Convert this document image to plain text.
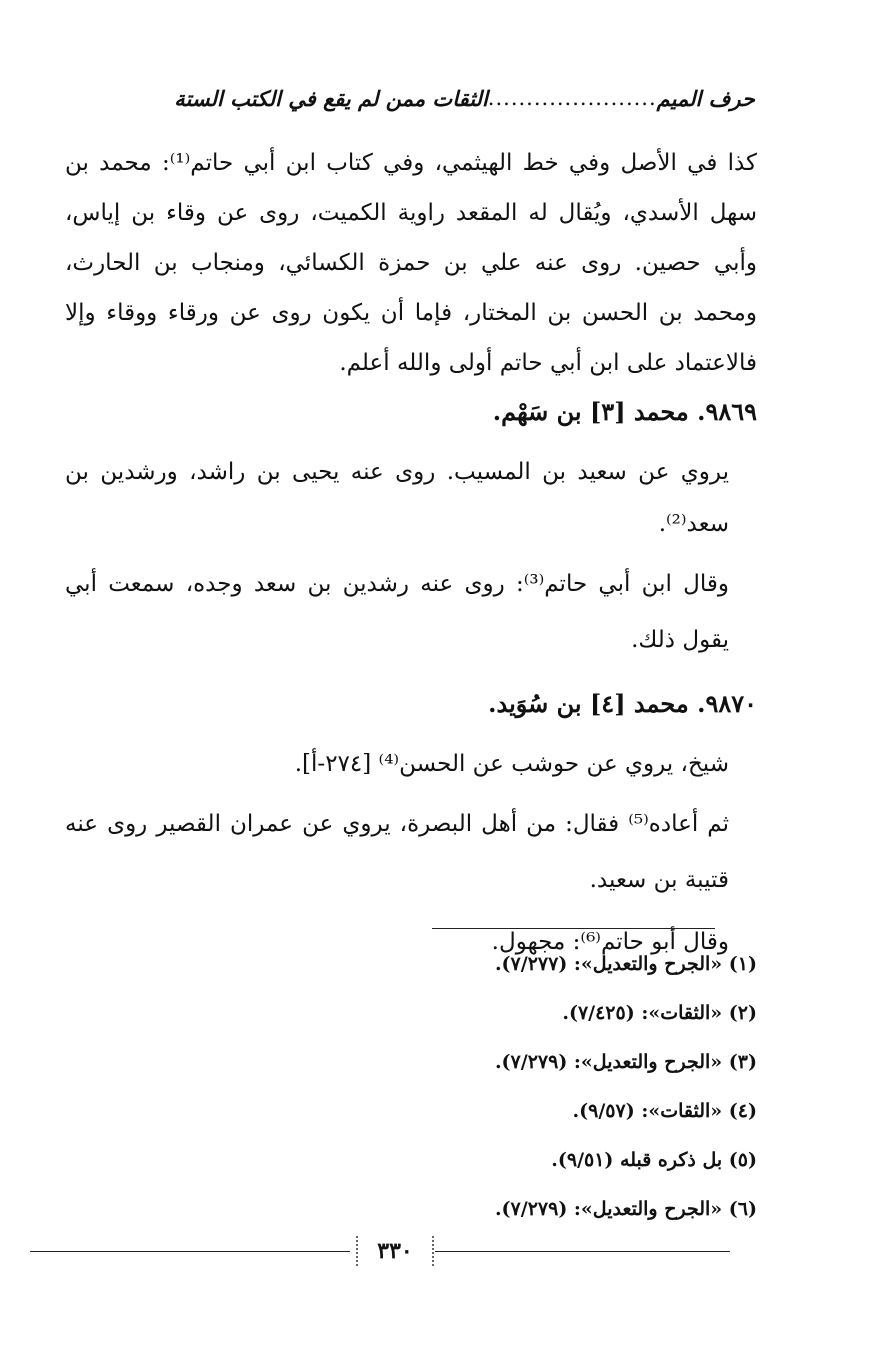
حرف الميم
......................
الثقات ممن لم يقع في الكتب الستة

كذا في الأصل وفي خط الهيثمي، وفي كتاب ابن أبي حاتم⁽¹⁾: محمد بن سهل الأسدي، ويُقال له المقعد راوية الكميت، روى عن وقاء بن إياس، وأبي حصين. روى عنه علي بن حمزة الكسائي، ومنجاب بن الحارث، ومحمد بن الحسن بن المختار، فإما أن يكون روى عن ورقاء ووقاء وإلا فالاعتماد على ابن أبي حاتم أولى والله أعلم.

٩٨٦٩. محمد [٣] بن سَهْم.

يروي عن سعيد بن المسيب. روى عنه يحيى بن راشد، ورشدين بن سعد⁽²⁾.

وقال ابن أبي حاتم⁽³⁾: روى عنه رشدين بن سعد وجده، سمعت أبي يقول ذلك.

٩٨٧٠. محمد [٤] بن سُوَيد.

شيخ، يروي عن حوشب عن الحسن⁽⁴⁾ [٢٧٤-أ].

ثم أعاده⁽⁵⁾ فقال: من أهل البصرة، يروي عن عمران القصير روى عنه قتيبة بن سعيد.

وقال أبو حاتم⁽⁶⁾: مجهول.

(١) «الجرح والتعديل»: (٧/٢٧٧).
(٢) «الثقات»: (٧/٤٢٥).
(٣) «الجرح والتعديل»: (٧/٢٧٩).
(٤) «الثقات»: (٩/٥٧).
(٥) بل ذكره قبله (٩/٥١).
(٦) «الجرح والتعديل»: (٧/٢٧٩).
٣٣٠
